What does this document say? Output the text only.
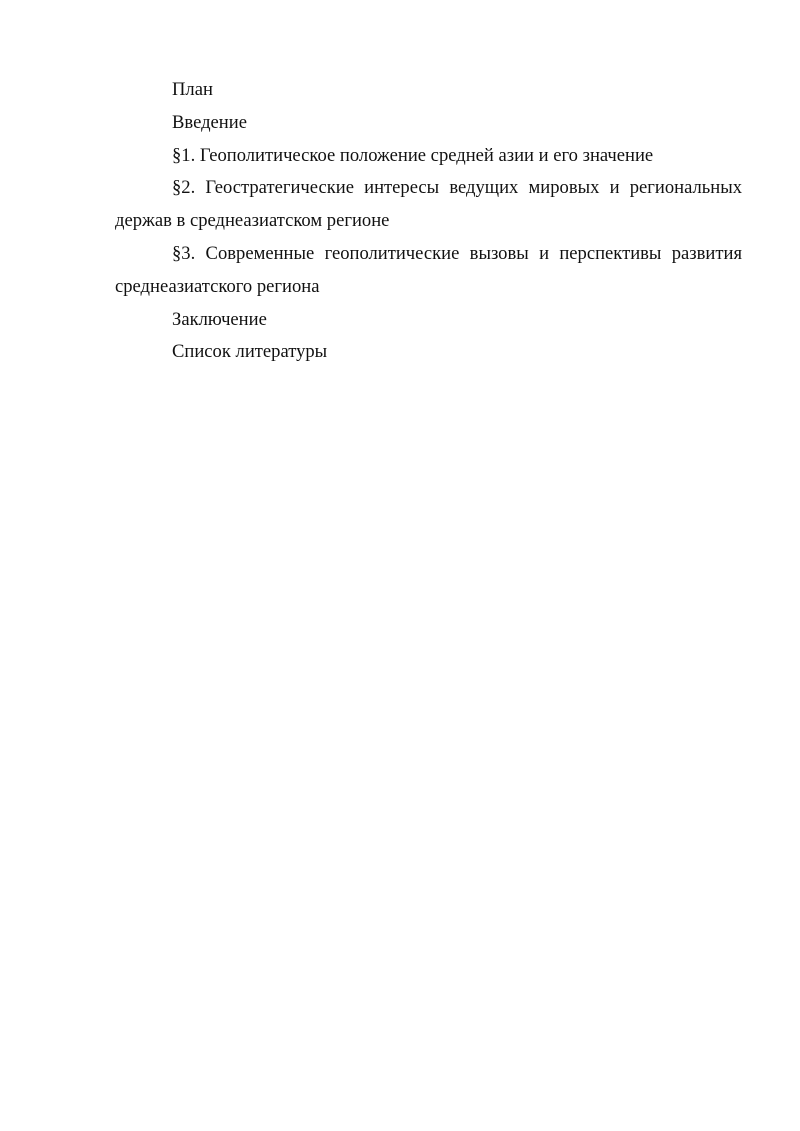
План

Введение

§1. Геополитическое положение средней азии и его значение

§2. Геостратегические интересы ведущих мировых и региональных держав в среднеазиатском регионе

§3. Современные геополитические вызовы и перспективы развития среднеазиатского региона

Заключение

Список литературы
